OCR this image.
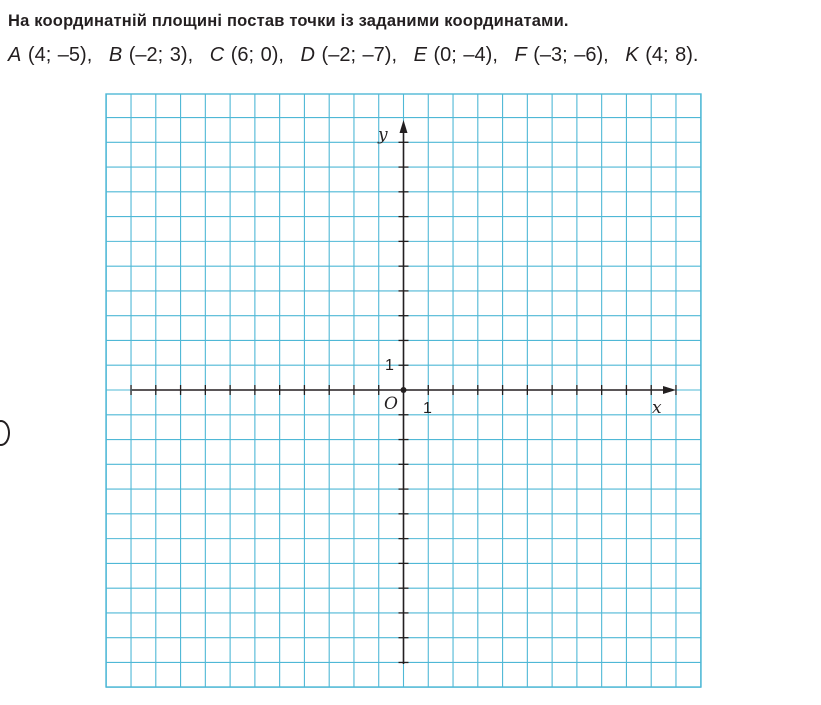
На координатній площині постав точки із заданими координатами.
A (4; –5), B (–2; 3), C (6; 0), D (–2; –7), E (0; –4), F (–3; –6), K (4; 8).
y
x
O
1
1
